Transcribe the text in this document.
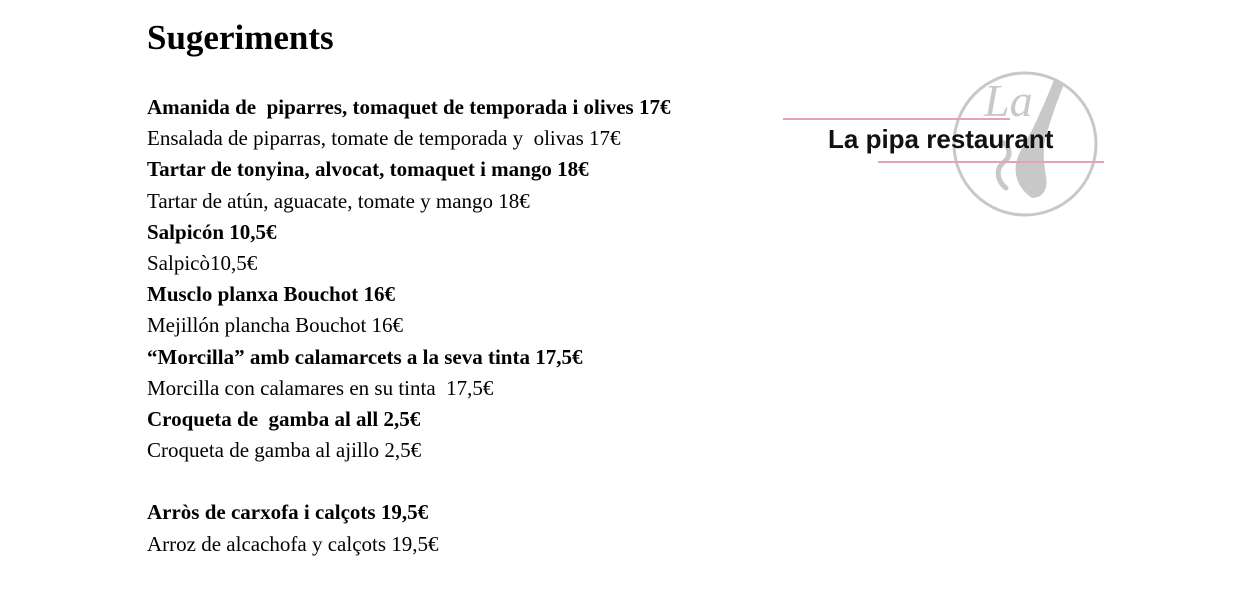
Sugeriments
Amanida de  piparres, tomaquet de temporada i olives 17€
Ensalada de piparras, tomate de temporada y  olivas 17€
Tartar de tonyina, alvocat, tomaquet i mango 18€
Tartar de atún, aguacate, tomate y mango 18€
Salpicón 10,5€
Salpicò10,5€
Musclo planxa Bouchot 16€
Mejillón plancha Bouchot 16€
“Morcilla” amb calamarcets a la seva tinta 17,5€
Morcilla con calamares en su tinta  17,5€
Croqueta de  gamba al all 2,5€
Croqueta de gamba al ajillo 2,5€
Arròs de carxofa i calçots 19,5€
Arroz de alcachofa y calçots 19,5€
La
La pipa restaurant
